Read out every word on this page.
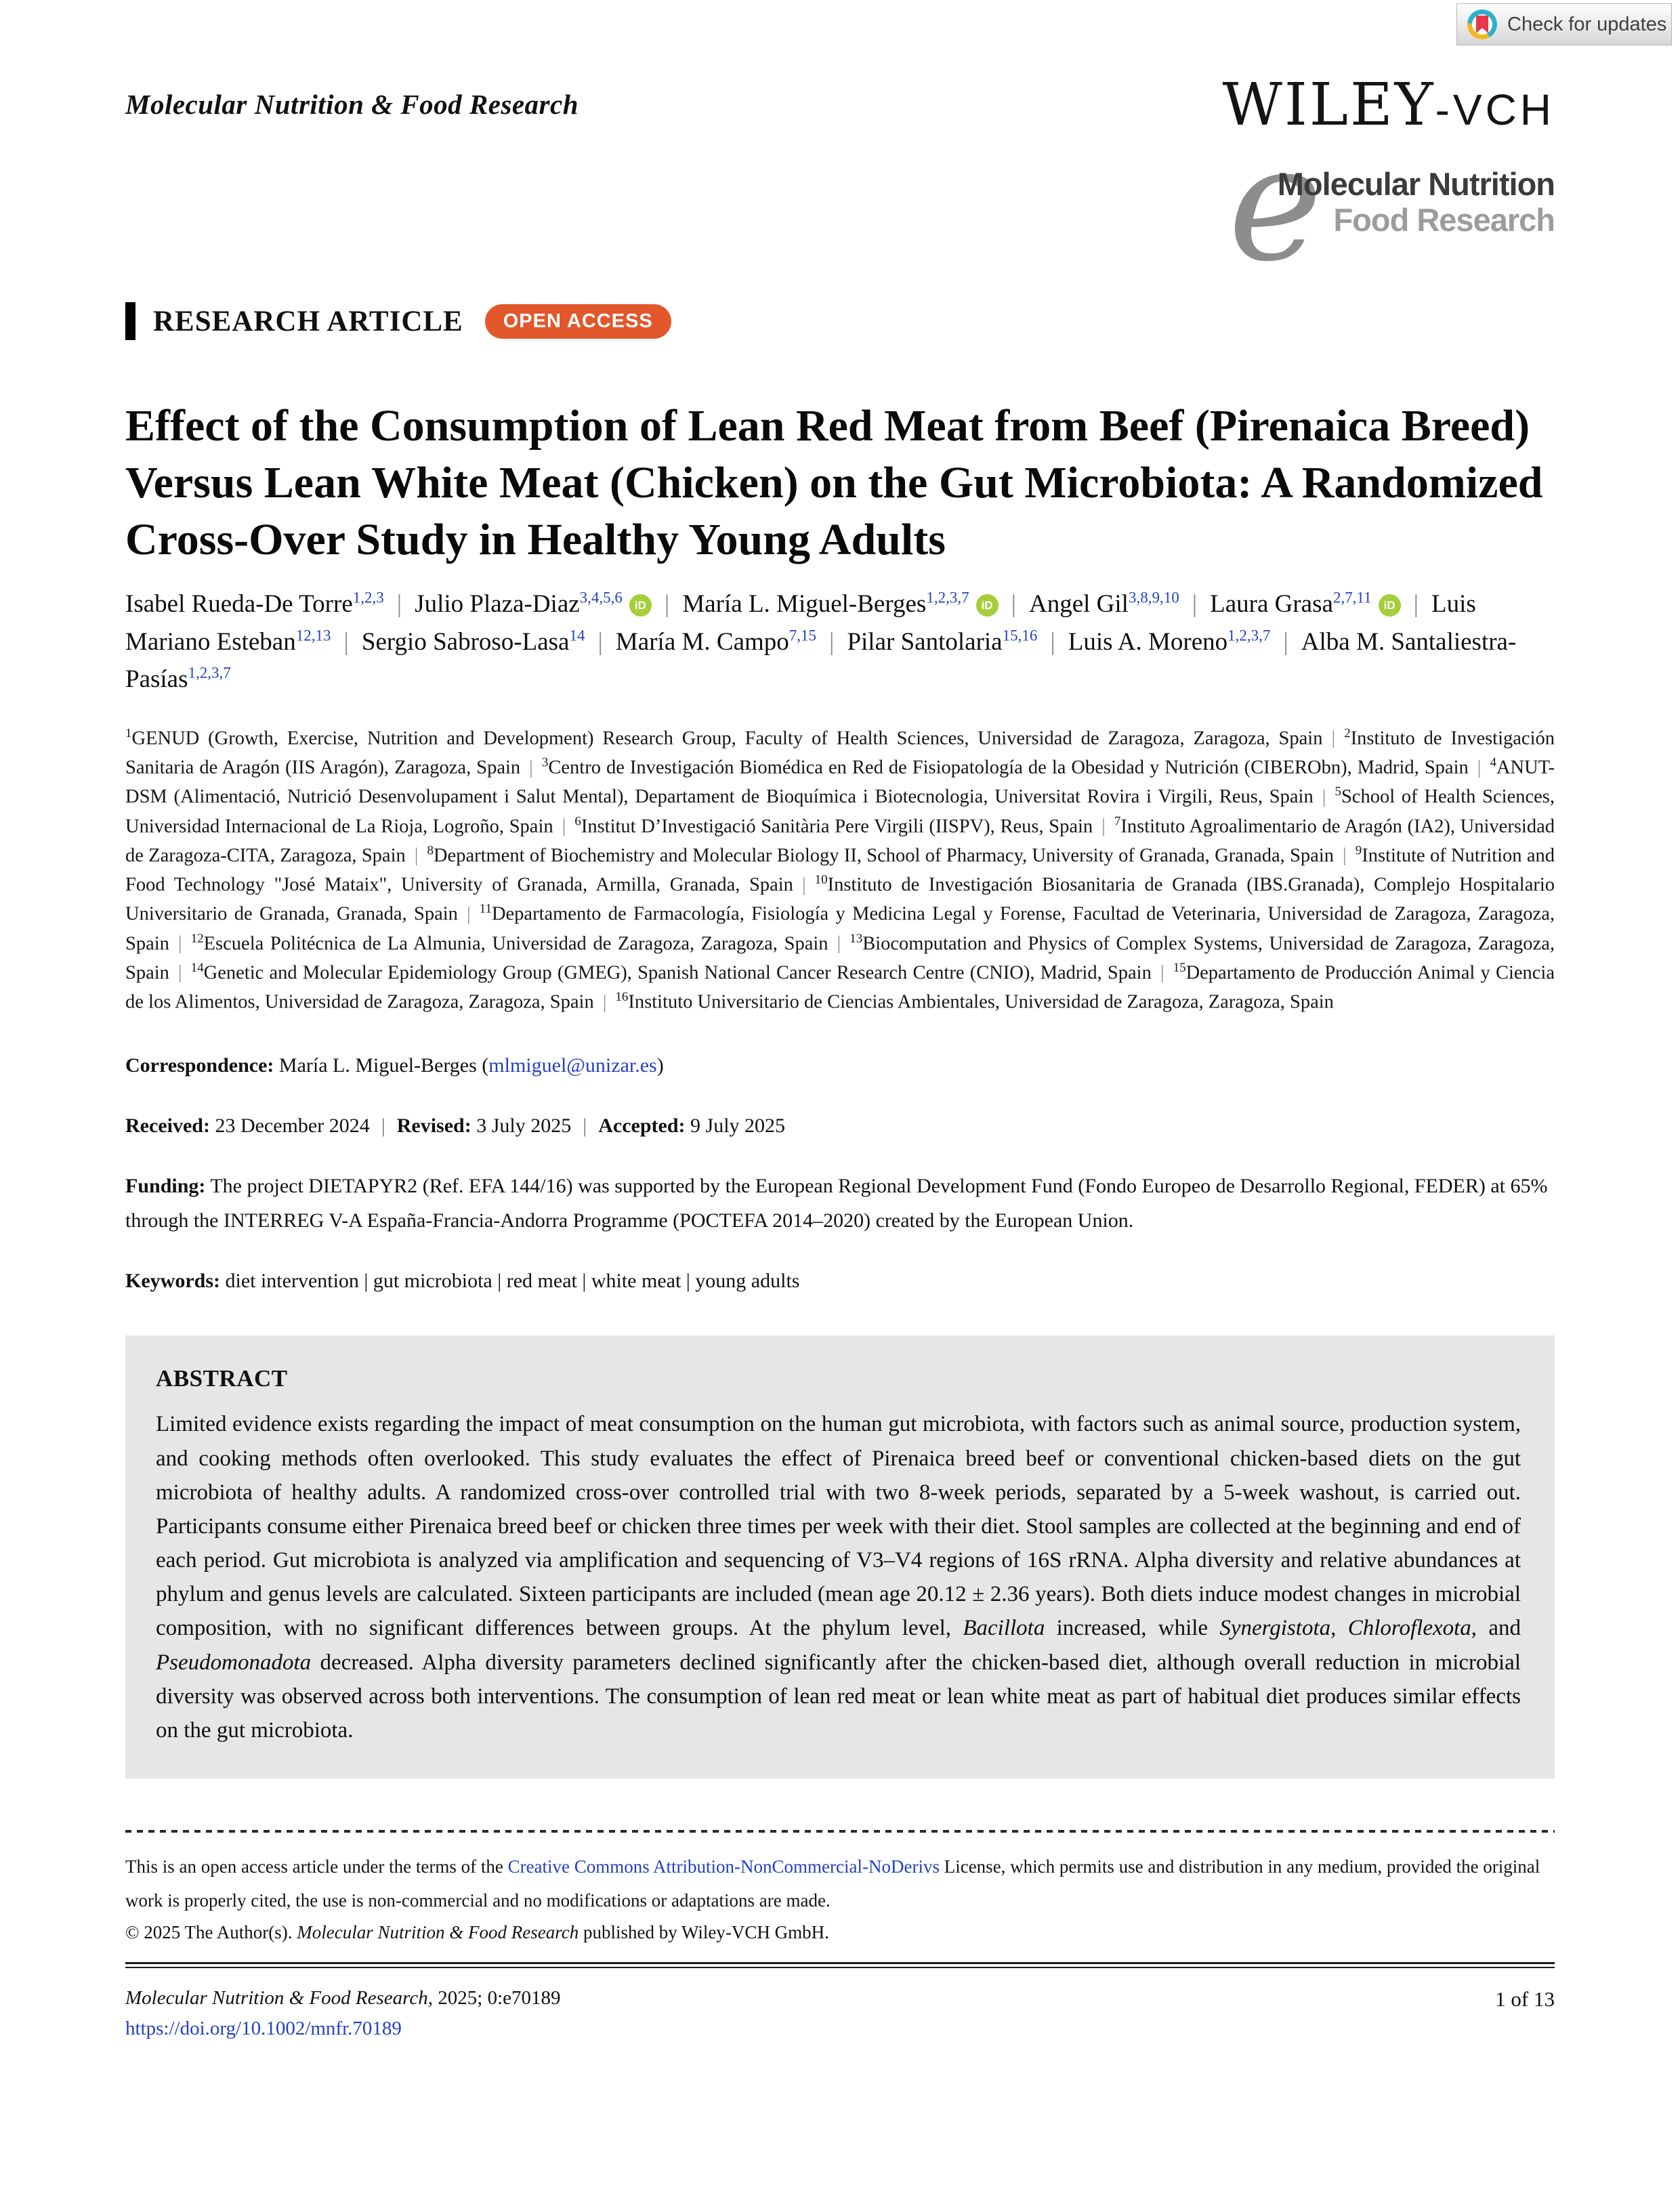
Check for updates
Molecular Nutrition & Food Research	WILEY-VCH
e
Molecular Nutrition
Food Research
RESEARCH ARTICLE	OPEN ACCESS
Effect of the Consumption of Lean Red Meat from Beef (Pirenaica Breed) Versus Lean White Meat (Chicken) on the Gut Microbiota: A Randomized Cross-Over Study in Healthy Young Adults
Isabel Rueda-De Torre$^{1,2,3}$ | Julio Plaza-Diaz$^{3,4,5,6}$ iD | María L. Miguel-Berges$^{1,2,3,7}$ iD | Angel Gil$^{3,8,9,10}$ | Laura Grasa$^{2,7,11}$ iD | Luis Mariano Esteban$^{12,13}$ | Sergio Sabroso-Lasa$^{14}$ | María M. Campo$^{7,15}$ | Pilar Santolaria$^{15,16}$ | Luis A. Moreno$^{1,2,3,7}$ | Alba M. Santaliestra-Pasías$^{1,2,3,7}$
$^1$GENUD (Growth, Exercise, Nutrition and Development) Research Group, Faculty of Health Sciences, Universidad de Zaragoza, Zaragoza, Spain | $^2$Instituto de Investigación Sanitaria de Aragón (IIS Aragón), Zaragoza, Spain | $^3$Centro de Investigación Biomédica en Red de Fisiopatología de la Obesidad y Nutrición (CIBERObn), Madrid, Spain | $^4$ANUT-DSM (Alimentació, Nutrició Desenvolupament i Salut Mental), Departament de Bioquímica i Biotecnologia, Universitat Rovira i Virgili, Reus, Spain | $^5$School of Health Sciences, Universidad Internacional de La Rioja, Logroño, Spain | $^6$Institut D’Investigació Sanitària Pere Virgili (IISPV), Reus, Spain | $^7$Instituto Agroalimentario de Aragón (IA2), Universidad de Zaragoza-CITA, Zaragoza, Spain | $^8$Department of Biochemistry and Molecular Biology II, School of Pharmacy, University of Granada, Granada, Spain | $^9$Institute of Nutrition and Food Technology "José Mataix", University of Granada, Armilla, Granada, Spain | $^{10}$Instituto de Investigación Biosanitaria de Granada (IBS.Granada), Complejo Hospitalario Universitario de Granada, Granada, Spain | $^{11}$Departamento de Farmacología, Fisiología y Medicina Legal y Forense, Facultad de Veterinaria, Universidad de Zaragoza, Zaragoza, Spain | $^{12}$Escuela Politécnica de La Almunia, Universidad de Zaragoza, Zaragoza, Spain | $^{13}$Biocomputation and Physics of Complex Systems, Universidad de Zaragoza, Zaragoza, Spain | $^{14}$Genetic and Molecular Epidemiology Group (GMEG), Spanish National Cancer Research Centre (CNIO), Madrid, Spain | $^{15}$Departamento de Producción Animal y Ciencia de los Alimentos, Universidad de Zaragoza, Zaragoza, Spain | $^{16}$Instituto Universitario de Ciencias Ambientales, Universidad de Zaragoza, Zaragoza, Spain
Correspondence: María L. Miguel-Berges (mlmiguel@unizar.es)
Received: 23 December 2024 | Revised: 3 July 2025 | Accepted: 9 July 2025
Funding: The project DIETAPYR2 (Ref. EFA 144/16) was supported by the European Regional Development Fund (Fondo Europeo de Desarrollo Regional, FEDER) at 65% through the INTERREG V-A España-Francia-Andorra Programme (POCTEFA 2014–2020) created by the European Union.
Keywords: diet intervention | gut microbiota | red meat | white meat | young adults
ABSTRACT
Limited evidence exists regarding the impact of meat consumption on the human gut microbiota, with factors such as animal source, production system, and cooking methods often overlooked. This study evaluates the effect of Pirenaica breed beef or conventional chicken-based diets on the gut microbiota of healthy adults. A randomized cross-over controlled trial with two 8-week periods, separated by a 5-week washout, is carried out. Participants consume either Pirenaica breed beef or chicken three times per week with their diet. Stool samples are collected at the beginning and end of each period. Gut microbiota is analyzed via amplification and sequencing of V3–V4 regions of 16S rRNA. Alpha diversity and relative abundances at phylum and genus levels are calculated. Sixteen participants are included (mean age 20.12 ± 2.36 years). Both diets induce modest changes in microbial composition, with no significant differences between groups. At the phylum level, Bacillota increased, while Synergistota, Chloroflexota, and Pseudomonadota decreased. Alpha diversity parameters declined significantly after the chicken-based diet, although overall reduction in microbial diversity was observed across both interventions. The consumption of lean red meat or lean white meat as part of habitual diet produces similar effects on the gut microbiota.
This is an open access article under the terms of the Creative Commons Attribution-NonCommercial-NoDerivs License, which permits use and distribution in any medium, provided the original work is properly cited, the use is non-commercial and no modifications or adaptations are made.
© 2025 The Author(s). Molecular Nutrition & Food Research published by Wiley-VCH GmbH.
Molecular Nutrition & Food Research, 2025; 0:e70189
https://doi.org/10.1002/mnfr.70189
1 of 13
